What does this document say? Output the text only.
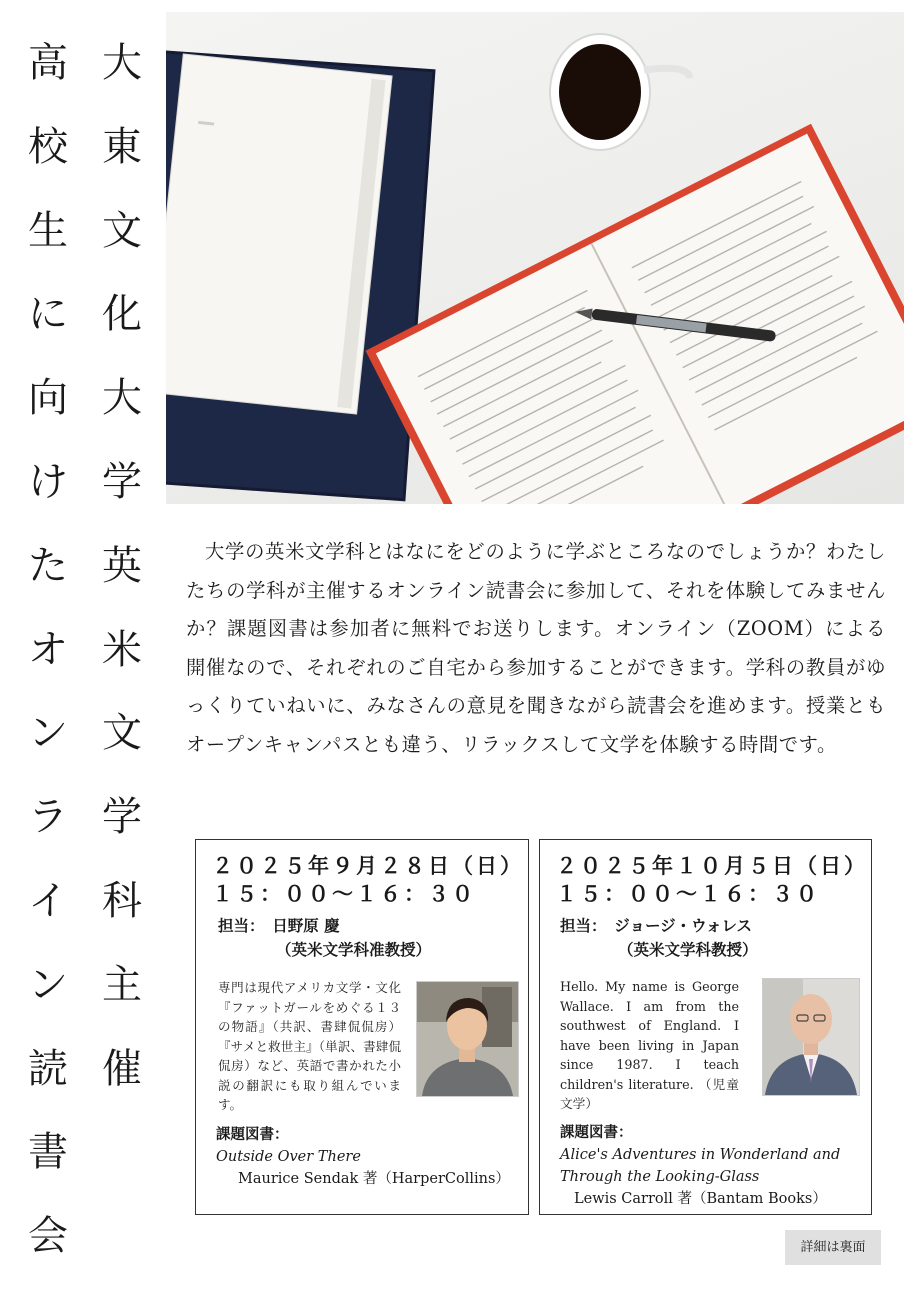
大
東
文
化
大
学
英
米
文
学
科
主
催
高
校
生
に
向
け
た
オ
ン
ラ
イ
ン
読
書
会
大学の英米文学科とはなにをどのように学ぶところなのでしょうか？わたしたちの学科が主催するオンライン読書会に参加して、それを体験してみませんか？課題図書は参加者に無料でお送りします。オンライン（ZOOM）による開催なので、それぞれのご自宅から参加することができます。学科の教員がゆっくりていねいに、みなさんの意見を聞きながら読書会を進めます。授業ともオープンキャンパスとも違う、リラックスして文学を体験する時間です。
２０２５年９月２８日（日）
１５：００～１６：３０
担当：　日野原 慶
（英米文学科准教授）
専門は現代アメリカ文学・文化 『ファットガールをめぐる１３の物語』（共訳、書肆侃侃房）『サメと救世主』（単訳、書肆侃侃房）など、英語で書かれた小説の翻訳にも取り組んでいます。
課題図書：
Outside Over There
Maurice Sendak 著（HarperCollins）
２０２５年１０月５日（日）
１５：００～１６：３０
担当：　ジョージ・ウォレス
（英米文学科教授）
Hello. My name is George Wallace. I am from the southwest of England. I have been living in Japan since 1987. I teach children's literature. （児童文学）
課題図書：
Alice's Adventures in Wonderland and Through the Looking-Glass
Lewis Carroll 著（Bantam Books）
詳細は裏面
